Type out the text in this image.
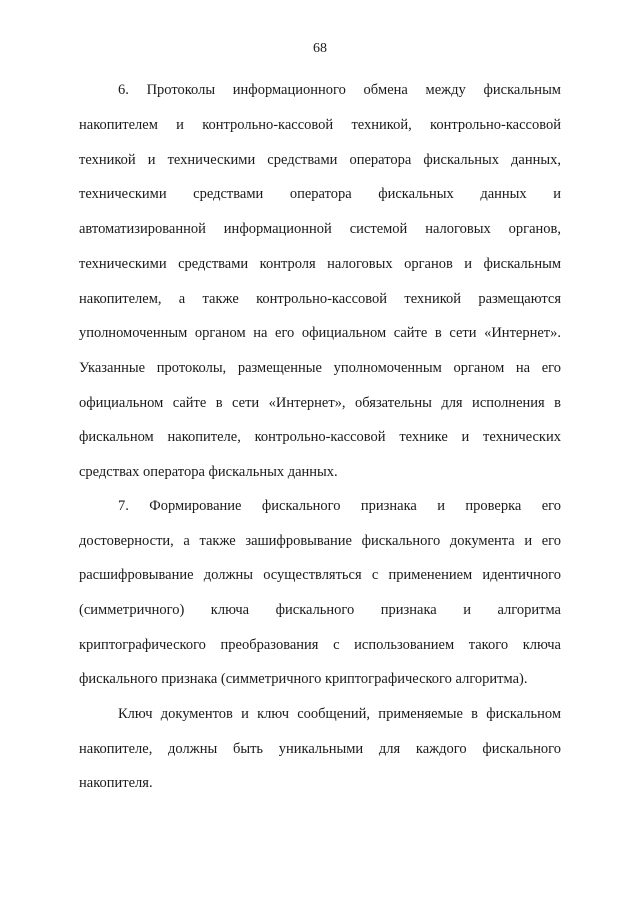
68
6. Протоколы информационного обмена между фискальным
накопителем и контрольно-кассовой техникой, контрольно-кассовой
техникой и техническими средствами оператора фискальных данных,
техническими средствами оператора фискальных данных и
автоматизированной информационной системой налоговых органов,
техническими средствами контроля налоговых органов и фискальным
накопителем, а также контрольно-кассовой техникой размещаются
уполномоченным органом на его официальном сайте в сети «Интернет».
Указанные протоколы, размещенные уполномоченным органом на его
официальном сайте в сети «Интернет», обязательны для исполнения в
фискальном накопителе, контрольно-кассовой технике и технических
средствах оператора фискальных данных.
7. Формирование фискального признака и проверка его
достоверности, а также зашифровывание фискального документа и его
расшифровывание должны осуществляться с применением идентичного
(симметричного) ключа фискального признака и алгоритма
криптографического преобразования с использованием такого ключа
фискального признака (симметричного криптографического алгоритма).
Ключ документов и ключ сообщений, применяемые в фискальном
накопителе, должны быть уникальными для каждого фискального
накопителя.
